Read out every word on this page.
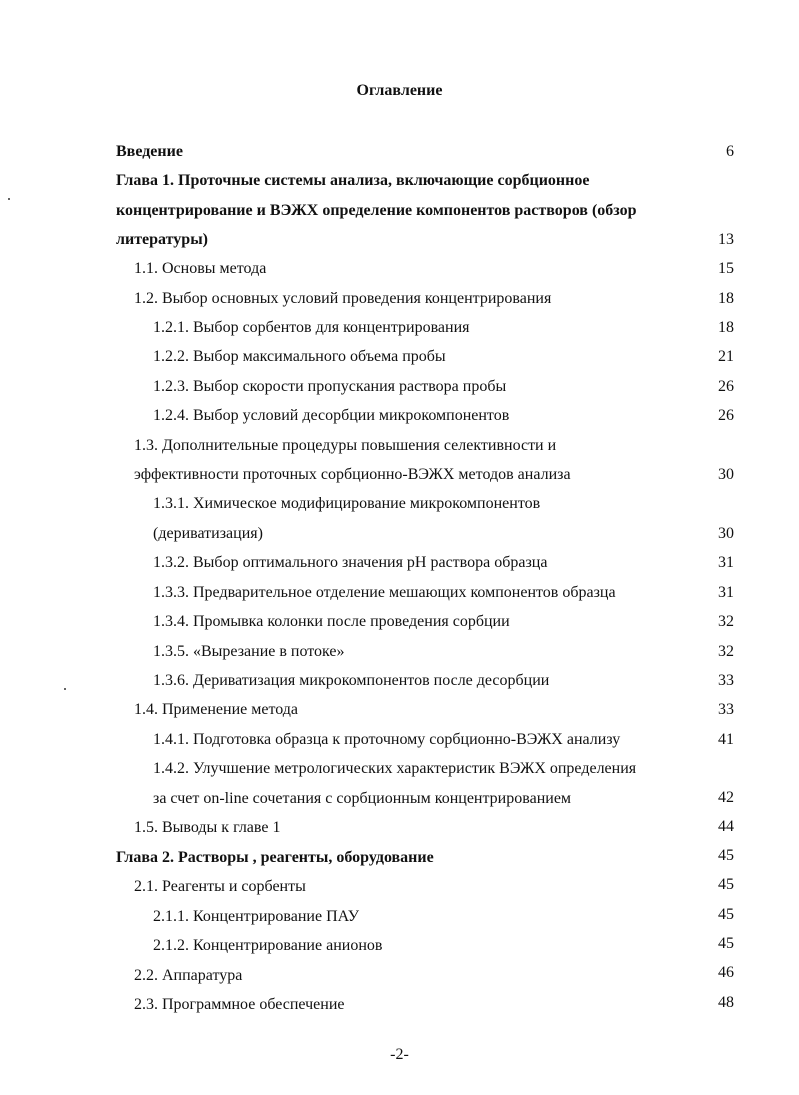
Оглавление
Введение	6
Глава 1. Проточные системы анализа, включающие сорбционное
концентрирование и ВЭЖХ определение компонентов растворов (обзор
литературы)	13
1.1. Основы метода	15
1.2. Выбор основных условий проведения концентрирования	18
1.2.1. Выбор сорбентов для концентрирования	18
1.2.2. Выбор максимального объема пробы	21
1.2.3. Выбор скорости пропускания раствора пробы	26
1.2.4. Выбор условий десорбции микрокомпонентов	26
1.3. Дополнительные процедуры повышения селективности и
эффективности проточных сорбционно-ВЭЖХ методов анализа	30
1.3.1. Химическое модифицирование микрокомпонентов
(дериватизация)	30
1.3.2. Выбор оптимального значения pH раствора образца	31
1.3.3. Предварительное отделение мешающих компонентов образца	31
1.3.4. Промывка колонки после проведения сорбции	32
1.3.5. «Вырезание в потоке»	32
1.3.6. Дериватизация микрокомпонентов после десорбции	33
1.4. Применение метода	33
1.4.1. Подготовка образца к проточному сорбционно-ВЭЖХ анализу	41
1.4.2. Улучшение метрологических характеристик ВЭЖХ определения
за счет on-line сочетания с сорбционным концентрированием	42
1.5. Выводы к главе 1	44
Глава 2. Растворы , реагенты, оборудование	45
2.1. Реагенты и сорбенты	45
2.1.1. Концентрирование ПАУ	45
2.1.2. Концентрирование анионов	45
2.2. Аппаратура	46
2.3. Программное обеспечение	48
-2-
